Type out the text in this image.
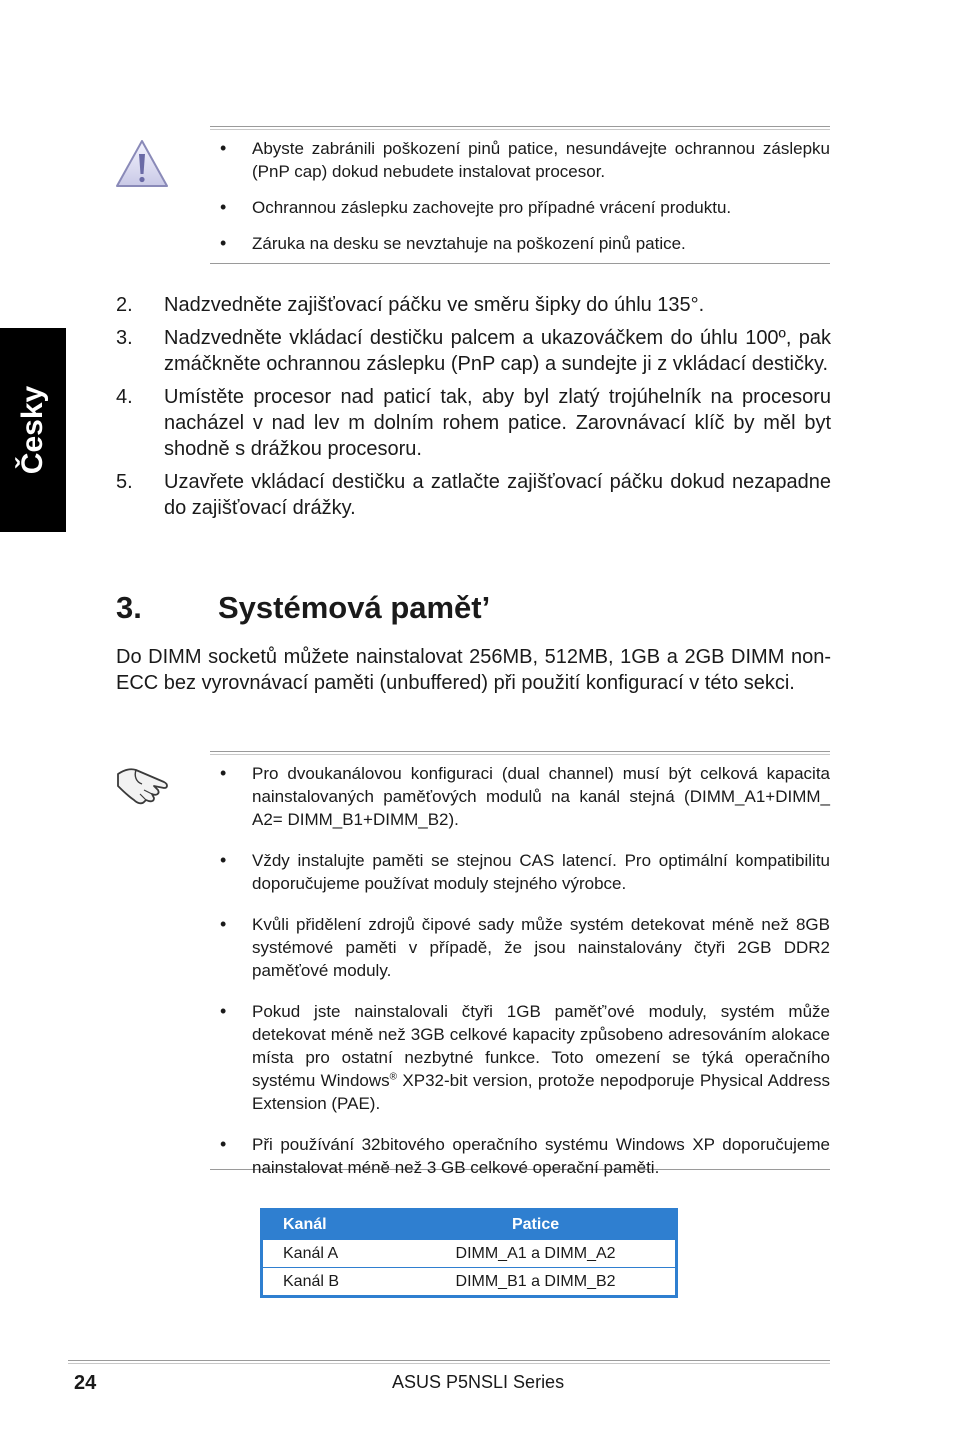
Česky
• Abyste zabránili poškození pinů patice, nesundávejte ochrannou záslepku (PnP cap) dokud nebudete instalovat procesor.
• Ochrannou záslepku zachovejte pro případné vrácení produktu.
• Záruka na desku se nevztahuje na poškození pinů patice.
2. Nadzvedněte zajišťovací páčku ve směru šipky do úhlu 135°.
3. Nadzvedněte vkládací destičku palcem a ukazováčkem do úhlu 100º, pak zmáčkněte ochrannou záslepku (PnP cap) a sundejte ji z vkládací destičky.
4. Umístěte procesor nad paticí tak, aby byl zlatý trojúhelník na procesoru nacházel v nad lev m dolním rohem patice. Zarovnávací klíč by měl byt shodně s drážkou procesoru.
5. Uzavřete vkládací destičku a zatlačte zajišťovací páčku dokud nezapadne do zajišťovací drážky.
3. Systémová pamět’

Do DIMM socketů můžete nainstalovat 256MB, 512MB, 1GB a 2GB DIMM non-ECC bez vyrovnávací paměti (unbuffered) při použití konfigurací v této sekci.

• Pro dvoukanálovou konfiguraci (dual channel) musí být celková kapacita nainstalovaných paměťových modulů na kanál stejná (DIMM_A1+DIMM_ A2= DIMM_B1+DIMM_B2).
• Vždy instalujte paměti se stejnou CAS latencí. Pro optimální kompatibilitu doporučujeme používat moduly stejného výrobce.
• Kvůli přidělení zdrojů čipové sady může systém detekovat méně než 8GB systémové paměti v případě, že jsou nainstalovány čtyři 2GB DDR2 paměťové moduly.
• Pokud jste nainstalovali čtyři 1GB paměť’ové moduly, systém může detekovat méně než 3GB celkové kapacity způsobeno adresováním alokace místa pro ostatní nezbytné funkce. Toto omezení se týká operačního systému Windows® XP32-bit version, protože nepodporuje Physical Address Extension (PAE).
• Při používání 32bitového operačního systému Windows XP doporučujeme nainstalovat méně než 3 GB celkové operační paměti.
Kanál	Patice
Kanál A	DIMM_A1 a DIMM_A2
Kanál B	DIMM_B1 a DIMM_B2
24	ASUS P5NSLI Series
